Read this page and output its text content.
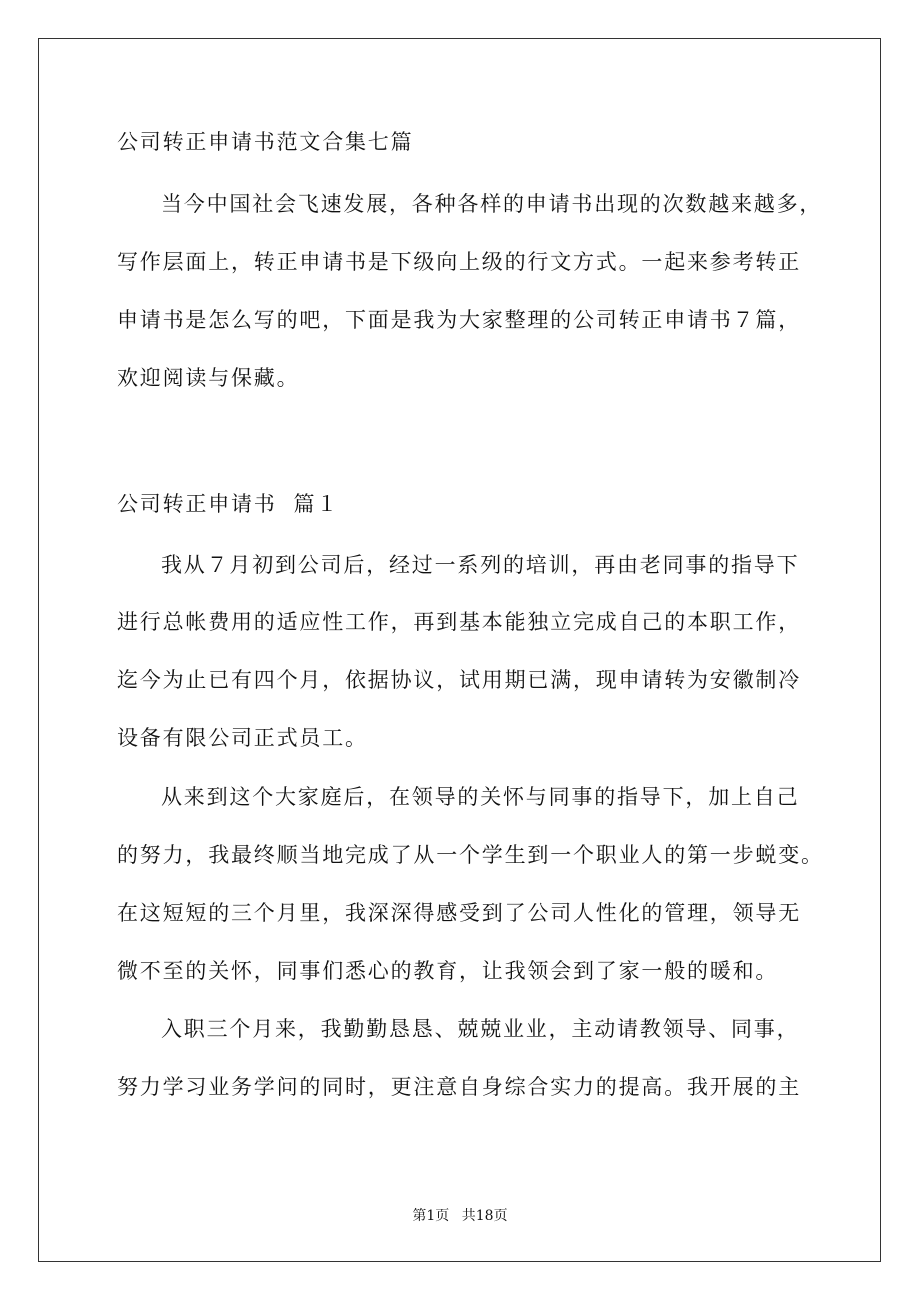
公司转正申请书范文合集七篇
当今中国社会飞速发展，各种各样的申请书出现的次数越来越多，
写作层面上，转正申请书是下级向上级的行文方式。一起来参考转正
申请书是怎么写的吧，下面是我为大家整理的公司转正申请书７篇，
欢迎阅读与保藏。
公司转正申请书  篇１
我从７月初到公司后，经过一系列的培训，再由老同事的指导下
进行总帐费用的适应性工作，再到基本能独立完成自己的本职工作，
迄今为止已有四个月，依据协议，试用期已满，现申请转为安徽制冷
设备有限公司正式员工。
从来到这个大家庭后，在领导的关怀与同事的指导下，加上自己
的努力，我最终顺当地完成了从一个学生到一个职业人的第一步蜕变。
在这短短的三个月里，我深深得感受到了公司人性化的管理，领导无
微不至的关怀，同事们悉心的教育，让我领会到了家一般的暖和。
入职三个月来，我勤勤恳恳、兢兢业业，主动请教领导、同事，
努力学习业务学问的同时，更注意自身综合实力的提高。我开展的主
第1页 共18页
